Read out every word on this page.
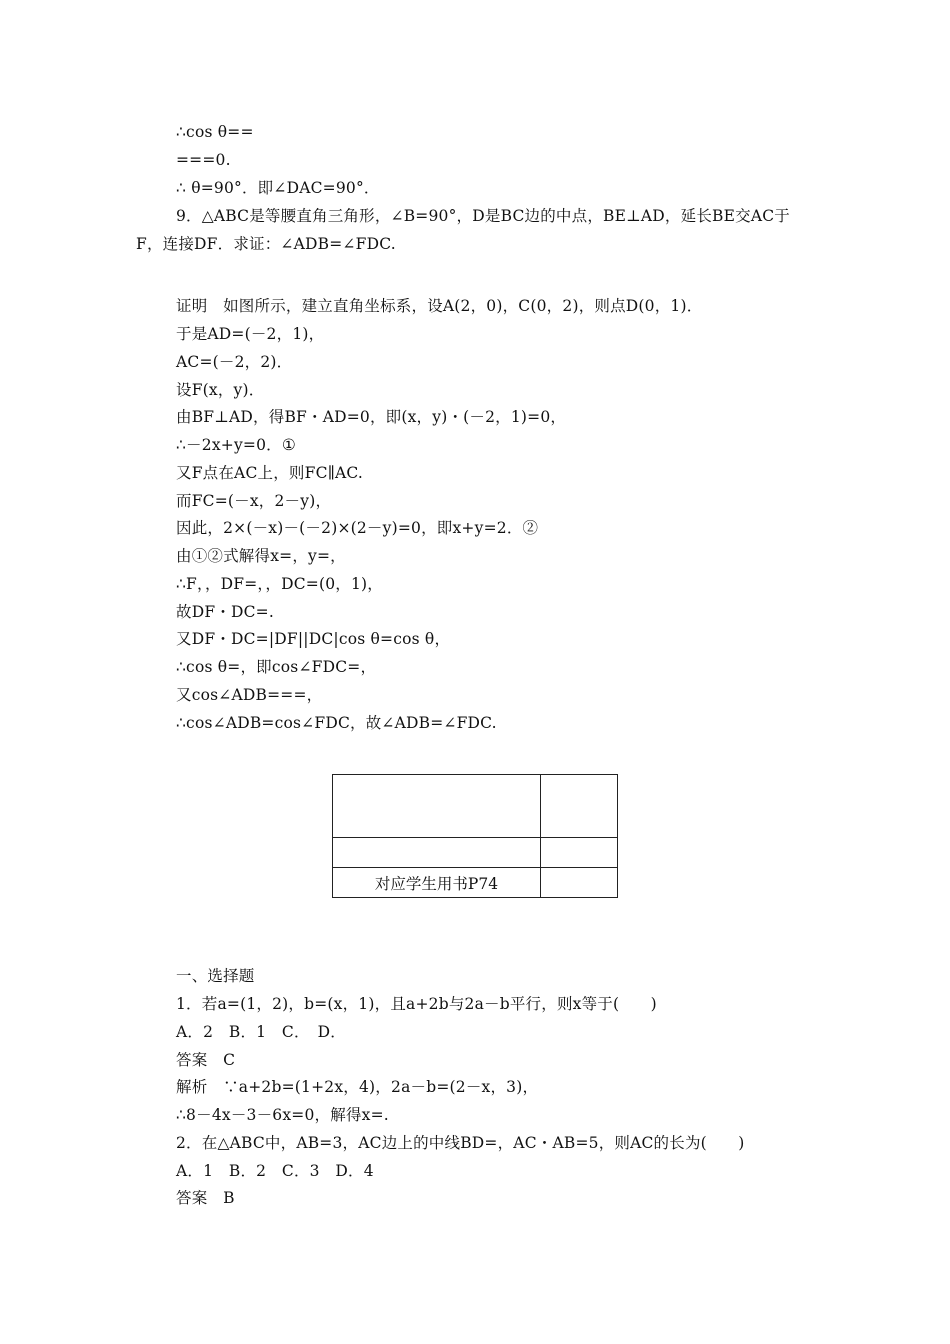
∴cos θ==
===0.
∴ θ=90°．即∠DAC=90°．
9．△ABC是等腰直角三角形，∠B=90°，D是BC边的中点，BE⊥AD，延长BE交AC于
F，连接DF．求证：∠ADB=∠FDC.
证明　如图所示，建立直角坐标系，设A(2，0)，C(0，2)，则点D(0，1)．
于是AD=(－2，1)，
AC=(－2，2)．
设F(x，y)．
由BF⊥AD，得BF・AD=0，即(x，y)・(－2，1)=0，
∴－2x+y=0．①
又F点在AC上，则FC∥AC.
而FC=(－x，2－y)，
因此，2×(－x)－(－2)×(2－y)=0，即x+y=2．②
由①②式解得x=，y=，
∴F，，DF=，，DC=(0，1)，
故DF・DC=.
又DF・DC=|DF||DC|cos θ=cos θ，
∴cos θ=，即cos∠FDC=，
又cos∠ADB===，
∴cos∠ADB=cos∠FDC，故∠ADB=∠FDC.

对应学生用书P74	
一、选择题
1．若a=(1，2)，b=(x，1)，且a+2b与2a－b平行，则x等于(　　)
A．2　B．1　C．　D．
答案　C
解析　∵a+2b=(1+2x，4)，2a－b=(2－x，3)，
∴8－4x－3－6x=0，解得x=.
2．在△ABC中，AB=3，AC边上的中线BD=，AC・AB=5，则AC的长为(　　)
A．1　B．2　C．3　D．4
答案　B
